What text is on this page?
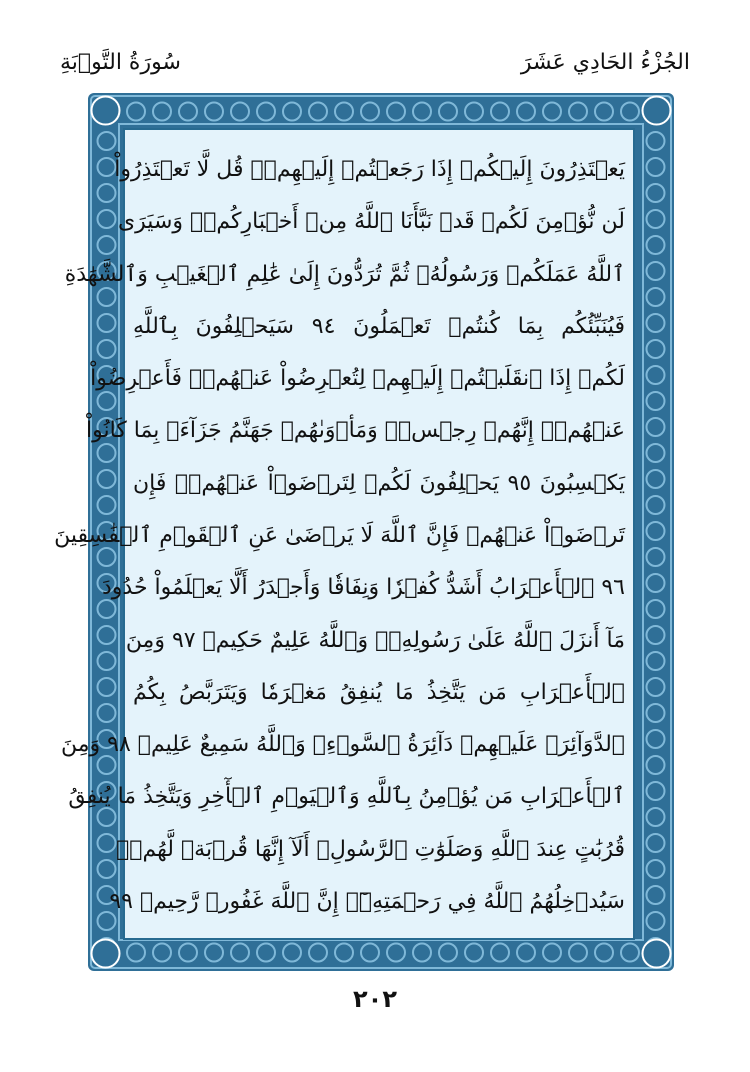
الجُزْءُ الحَادِي عَشَرَ
سُورَةُ التَّوۡبَةِ
يَعۡتَذِرُونَ إِلَيۡكُمۡ إِذَا رَجَعۡتُمۡ إِلَيۡهِمۡۚ قُل لَّا تَعۡتَذِرُواْ
لَن نُّؤۡمِنَ لَكُمۡ قَدۡ نَبَّأَنَا ٱللَّهُ مِنۡ أَخۡبَارِكُمۡۚ وَسَيَرَى
ٱللَّهُ عَمَلَكُمۡ وَرَسُولُهُۥ ثُمَّ تُرَدُّونَ إِلَىٰ عَٰلِمِ ٱلۡغَيۡبِ وَٱلشَّهَٰدَةِ
فَيُنَبِّئُكُم بِمَا كُنتُمۡ تَعۡمَلُونَ ٩٤ سَيَحۡلِفُونَ بِٱللَّهِ
لَكُمۡ إِذَا ٱنقَلَبۡتُمۡ إِلَيۡهِمۡ لِتُعۡرِضُواْ عَنۡهُمۡۖ فَأَعۡرِضُواْ
عَنۡهُمۡۖ إِنَّهُمۡ رِجۡسٞۖ وَمَأۡوَىٰهُمۡ جَهَنَّمُ جَزَآءَۢ بِمَا كَانُواْ
يَكۡسِبُونَ ٩٥ يَحۡلِفُونَ لَكُمۡ لِتَرۡضَوۡاْ عَنۡهُمۡۖ فَإِن
تَرۡضَوۡاْ عَنۡهُمۡ فَإِنَّ ٱللَّهَ لَا يَرۡضَىٰ عَنِ ٱلۡقَوۡمِ ٱلۡفَٰسِقِينَ
٩٦ ٱلۡأَعۡرَابُ أَشَدُّ كُفۡرٗا وَنِفَاقٗا وَأَجۡدَرُ أَلَّا يَعۡلَمُواْ حُدُودَ
مَآ أَنزَلَ ٱللَّهُ عَلَىٰ رَسُولِهِۦۗ وَٱللَّهُ عَلِيمٌ حَكِيمٞ ٩٧ وَمِنَ
ٱلۡأَعۡرَابِ مَن يَتَّخِذُ مَا يُنفِقُ مَغۡرَمٗا وَيَتَرَبَّصُ بِكُمُ
ٱلدَّوَآئِرَۚ عَلَيۡهِمۡ دَآئِرَةُ ٱلسَّوۡءِۗ وَٱللَّهُ سَمِيعٌ عَلِيمٞ ٩٨ وَمِنَ
ٱلۡأَعۡرَابِ مَن يُؤۡمِنُ بِٱللَّهِ وَٱلۡيَوۡمِ ٱلۡأٓخِرِ وَيَتَّخِذُ مَا يُنفِقُ
قُرُبَٰتٍ عِندَ ٱللَّهِ وَصَلَوَٰتِ ٱلرَّسُولِۚ أَلَآ إِنَّهَا قُرۡبَةٞ لَّهُمۡۚ
سَيُدۡخِلُهُمُ ٱللَّهُ فِي رَحۡمَتِهِۦٓۚ إِنَّ ٱللَّهَ غَفُورٞ رَّحِيمٞ ٩٩
٢٠٢
